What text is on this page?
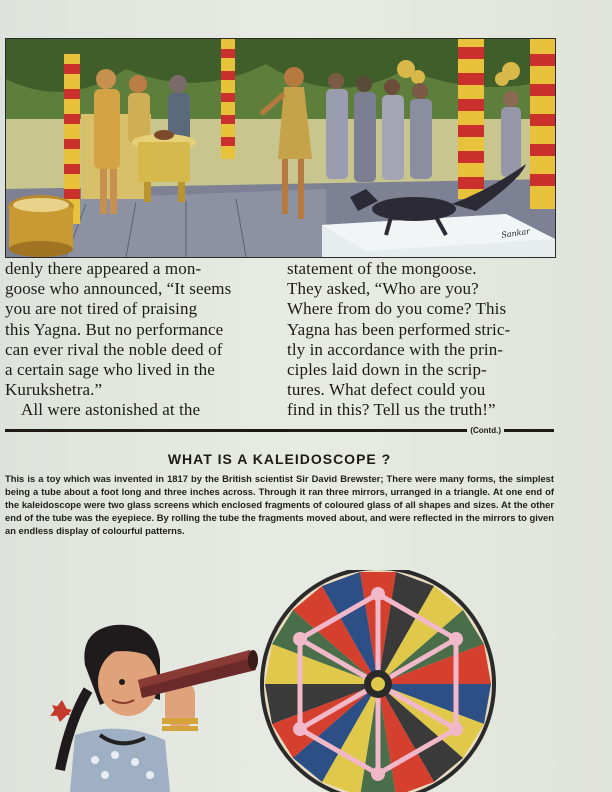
Sankar

denly there appeared a mon-

goose who announced, “It seems

you are not tired of praising

this Yagna. But no performance

can ever rival the noble deed of

a certain sage who lived in the

Kurukshetra.”

All were astonished at the

statement of the mongoose.

They asked, “Who are you?

Where from do you come? This

Yagna has been performed stric-

tly in accordance with the prin-

ciples laid down in the scrip-

tures. What defect could you

find in this? Tell us the truth!”

(Contd.)
WHAT IS A KALEIDOSCOPE ?

This is a toy which was invented in 1817 by the British scientist Sir David Brewster; There were many forms, the simplest being a tube about a foot long and three inches across. Through it ran three mirrors, urranged in a triangle. At one end of the kaleidoscope were two glass screens which enclosed fragments of coloured glass of all shapes and sizes. At the other end of the tube was the eyepiece. By rolling the tube the fragments moved about, and were reflected in the mirrors to given an endless display of colourful patterns.
